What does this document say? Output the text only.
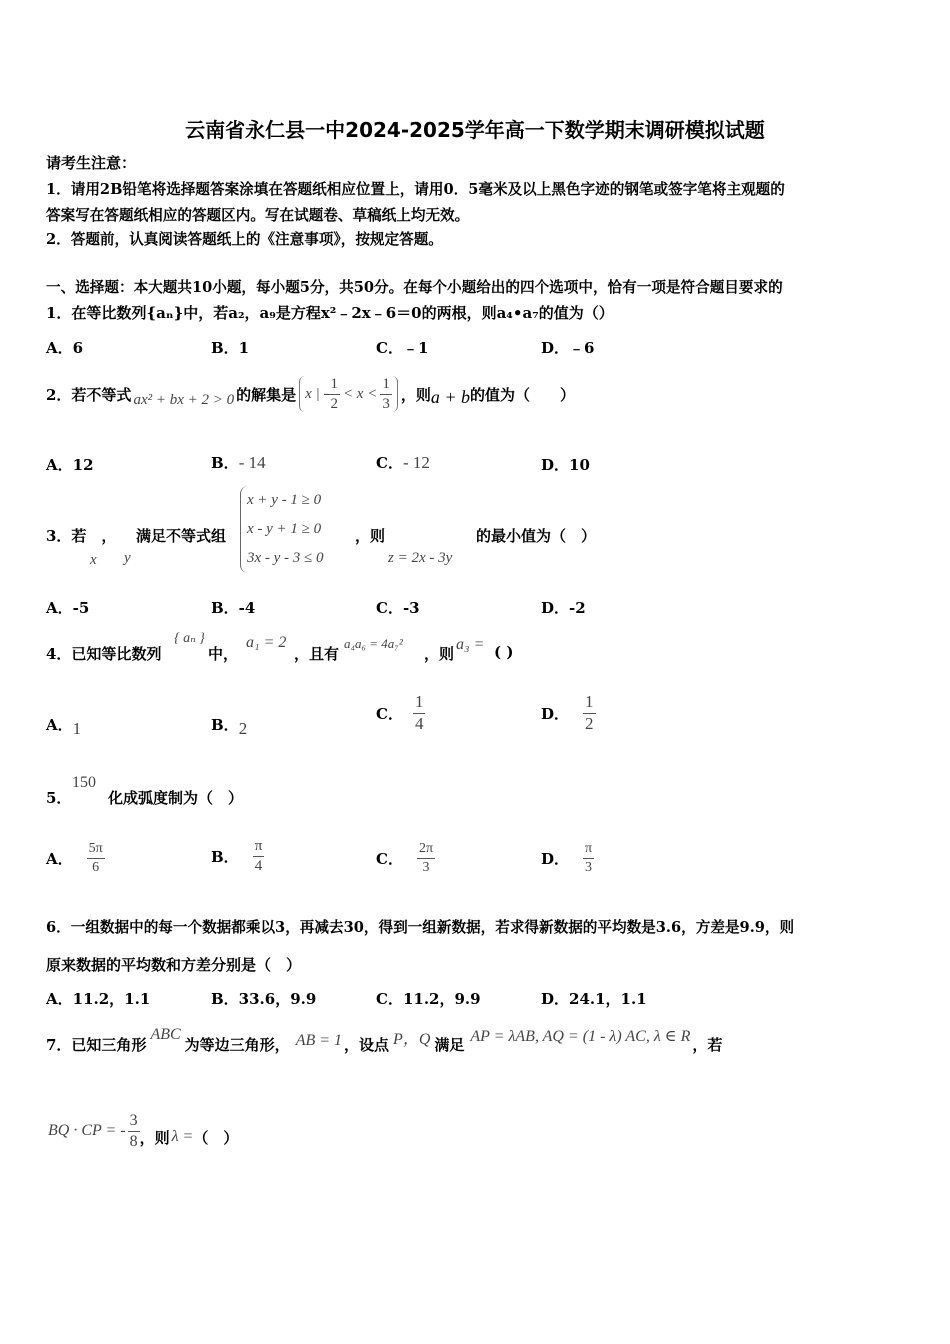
云南省永仁县一中2024-2025学年高一下数学期末调研模拟试题
请考生注意：
1．请用2B铅笔将选择题答案涂填在答题纸相应位置上，请用0．5毫米及以上黑色字迹的钢笔或签字笔将主观题的
答案写在答题纸相应的答题区内。写在试题卷、草稿纸上均无效。
2．答题前，认真阅读答题纸上的《注意事项》，按规定答题。
一、选择题：本大题共10小题，每小题5分，共50分。在每个小题给出的四个选项中，恰有一项是符合题目要求的
1．在等比数列{aₙ}中，若a₂，a₉是方程x²﹣2x﹣6＝0的两根，则a₄•a₇的值为（）
A．6	B．1	C．﹣1	D．﹣6
2．若不等式 ax² + bx + 2 > 0 的解集是 x | - $\frac{1}{2} < x < \frac{1}{3}$ ，则 a + b 的值为（　　）
A．12	B．- 14	C．- 12	D．10
3．若　，
x y
满足不等式组
x + y - 1 ≥ 0
x - y + 1 ≥ 0
3x - y - 3 ≤ 0
，则
z = 2x - 3y
的最小值为（　）
A．-5	B．-4	C．-3	D．-2
4．已知等比数列
{ aₙ }
中，
a₁ = 2
，且有
a₄a₆ = 4a₇²
，则
a₃ = ( )
A．1	B．2
C． $\frac{1}{4}$	D． $\frac{1}{2}$
5．
150
化成弧度制为（　）
A． $\frac{5\pi}{6}$	B． $\frac{\pi}{4}$	C． $\frac{2\pi}{3}$	D． $\frac{\pi}{3}$
6．一组数据中的每一个数据都乘以3，再减去30，得到一组新数据，若求得新数据的平均数是3.6，方差是9.9，则
原来数据的平均数和方差分别是（　）
A．11.2，1.1	B．33.6，9.9	C．11.2，9.9	D．24.1，1.1
7．已知三角形
ABC
为等边三角形， AB = 1 ，设点 P，Q 满足 AP = λAB, AQ = (1 - λ) AC, λ ∈ R ，若
BQ · CP = - $\frac{3}{8}$ ，则 λ = （　）
